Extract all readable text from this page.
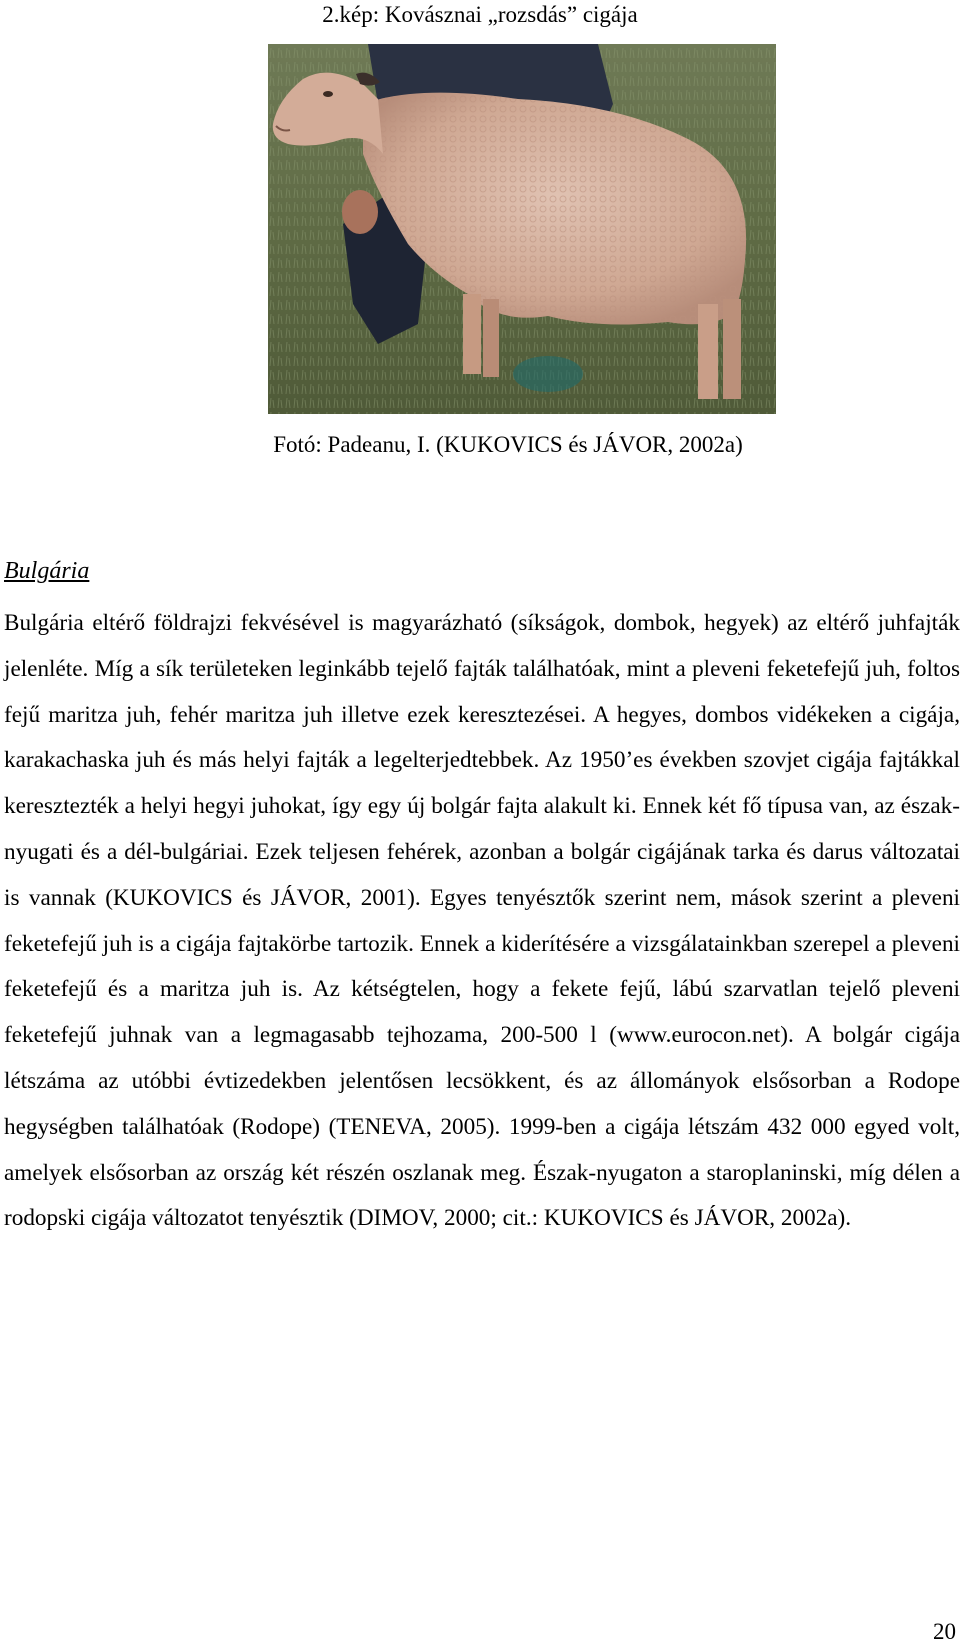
2.kép: Kovásznai „rozsdás” cigája
Fotó: Padeanu, I. (KUKOVICS és JÁVOR, 2002a)
Bulgária

Bulgária eltérő földrajzi fekvésével is magyarázható (síkságok, dombok, hegyek) az eltérő juhfajták jelenléte. Míg a sík területeken leginkább tejelő fajták találhatóak, mint a pleveni feketefejű juh, foltos fejű maritza juh, fehér maritza juh illetve ezek keresztezései. A hegyes, dombos vidékeken a cigája, karakachaska juh és más helyi fajták a legelterjedtebbek. Az 1950’es években szovjet cigája fajtákkal keresztezték a helyi hegyi juhokat, így egy új bolgár fajta alakult ki. Ennek két fő típusa van, az észak-nyugati és a dél-bulgáriai. Ezek teljesen fehérek, azonban a bolgár cigájának tarka és darus változatai is vannak (KUKOVICS és JÁVOR, 2001). Egyes tenyésztők szerint nem, mások szerint a pleveni feketefejű juh is a cigája fajtakörbe tartozik. Ennek a kiderítésére a vizsgálatainkban szerepel a pleveni feketefejű és a maritza juh is. Az kétségtelen, hogy a fekete fejű, lábú szarvatlan tejelő pleveni feketefejű juhnak van a legmagasabb tejhozama, 200-500 l (www.eurocon.net). A bolgár cigája létszáma az utóbbi évtizedekben jelentősen lecsökkent, és az állományok elsősorban a Rodope hegységben találhatóak (Rodope) (TENEVA, 2005). 1999-ben a cigája létszám 432 000 egyed volt, amelyek elsősorban az ország két részén oszlanak meg. Észak-nyugaton a staroplaninski, míg délen a rodopski cigája változatot tenyésztik (DIMOV, 2000; cit.: KUKOVICS és JÁVOR, 2002a).

20
